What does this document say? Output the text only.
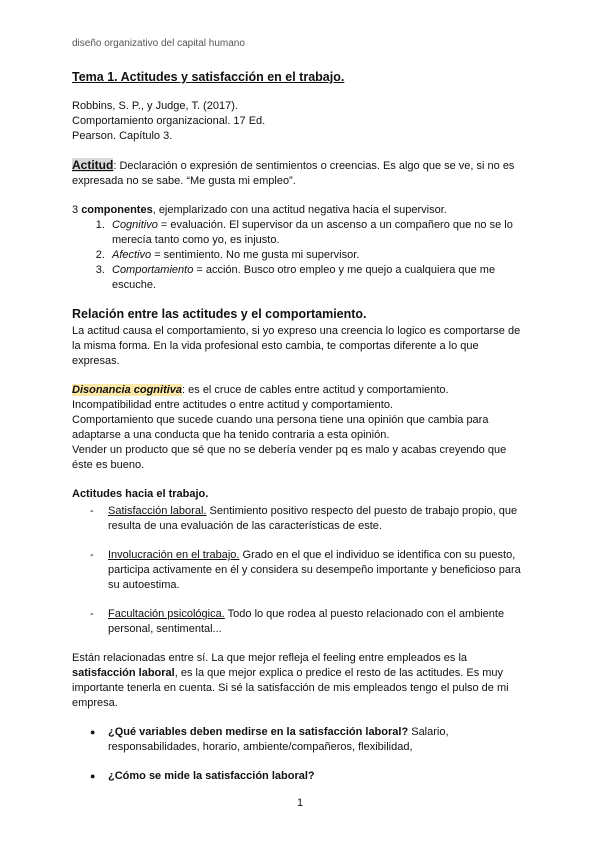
diseño organizativo del capital humano
Tema 1. Actitudes y satisfacción en el trabajo.
Robbins, S. P., y Judge, T. (2017).
Comportamiento organizacional. 17 Ed.
Pearson. Capítulo 3.
Actitud: Declaración o expresión de sentimientos o creencias. Es algo que se ve, si no es expresada no se sabe. “Me gusta mi empleo”.
3 componentes, ejemplarizado con una actitud negativa hacia el supervisor.
1. Cognitivo = evaluación. El supervisor da un ascenso a un compañero que no se lo merecía tanto como yo, es injusto.
2. Afectivo = sentimiento. No me gusta mi supervisor.
3. Comportamiento = acción. Busco otro empleo y me quejo a cualquiera que me escuche.
Relación entre las actitudes y el comportamiento.
La actitud causa el comportamiento, si yo expreso una creencia lo logico es comportarse de la misma forma. En la vida profesional esto cambia, te comportas diferente a lo que expresas.
Disonancia cognitiva: es el cruce de cables entre actitud y comportamiento.
Incompatibilidad entre actitudes o entre actitud y comportamiento.
Comportamiento que sucede cuando una persona tiene una opinión que cambia para adaptarse a una conducta que ha tenido contraria a esta opinión.
Vender un producto que sé que no se debería vender pq es malo y acabas creyendo que éste es bueno.
Actitudes hacia el trabajo.
- Satisfacción laboral. Sentimiento positivo respecto del puesto de trabajo propio, que resulta de una evaluación de las características de este.
- Involucración en el trabajo. Grado en el que el individuo se identifica con su puesto, participa activamente en él y considera su desempeño importante y beneficioso para su autoestima.
- Facultación psicológica. Todo lo que rodea al puesto relacionado con el ambiente personal, sentimental...
Están relacionadas entre sí. La que mejor refleja el feeling entre empleados es la satisfacción laboral, es la que mejor explica o predice el resto de las actitudes. Es muy importante tenerla en cuenta. Si sé la satisfacción de mis empleados tengo el pulso de mi empresa.
● ¿Qué variables deben medirse en la satisfacción laboral? Salario, responsabilidades, horario, ambiente/compañeros, flexibilidad,
● ¿Cómo se mide la satisfacción laboral?
1
